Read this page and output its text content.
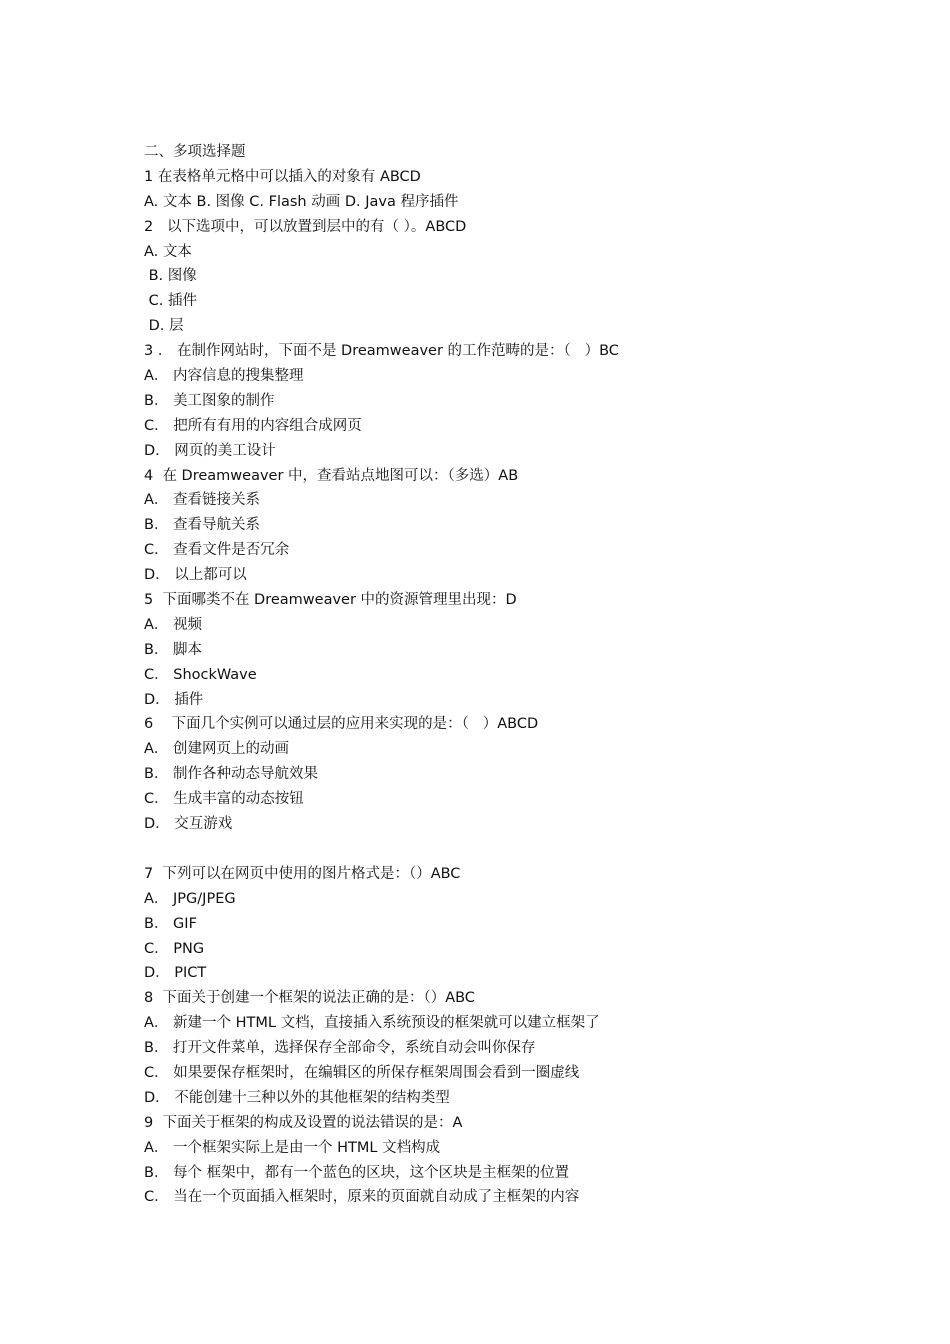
二、多项选择题
1 在表格单元格中可以插入的对象有 ABCD
A. 文本 B. 图像 C. Flash 动画 D. Java 程序插件
2   以下选项中，可以放置到层中的有（ ）。ABCD
A. 文本
B. 图像
C. 插件
D. 层
3 ． 在制作网站时，下面不是 Dreamweaver 的工作范畴的是：（   ）BC
A． 内容信息的搜集整理
B． 美工图象的制作
C． 把所有有用的内容组合成网页
D． 网页的美工设计
4  在 Dreamweaver 中，查看站点地图可以：（多选）AB
A． 查看链接关系
B． 查看导航关系
C． 查看文件是否冗余
D． 以上都可以
5  下面哪类不在 Dreamweaver 中的资源管理里出现：D
A． 视频
B． 脚本
C． ShockWave
D． 插件
6    下面几个实例可以通过层的应用来实现的是：（   ）ABCD
A． 创建网页上的动画
B． 制作各种动态导航效果
C． 生成丰富的动态按钮
D． 交互游戏
7  下列可以在网页中使用的图片格式是：（）ABC
A． JPG/JPEG
B． GIF
C． PNG
D． PICT
8  下面关于创建一个框架的说法正确的是：（）ABC
A． 新建一个 HTML 文档，直接插入系统预设的框架就可以建立框架了
B． 打开文件菜单，选择保存全部命令，系统自动会叫你保存
C． 如果要保存框架时，在编辑区的所保存框架周围会看到一圈虚线
D． 不能创建十三种以外的其他框架的结构类型
9  下面关于框架的构成及设置的说法错误的是：A
A． 一个框架实际上是由一个 HTML 文档构成
B． 每个 框架中，都有一个蓝色的区块，这个区块是主框架的位置
C． 当在一个页面插入框架时，原来的页面就自动成了主框架的内容
